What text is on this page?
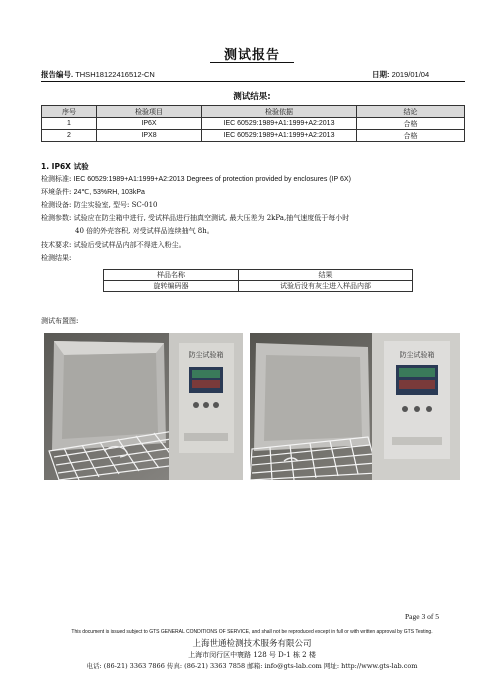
测试报告
报告编号. THSH18122416512-CN	日期: 2019/01/04
测试结果:
序号	检验项目	检验依据	结论
1	IP6X	IEC 60529:1989+A1:1999+A2:2013	合格
2	IPX8	IEC 60529:1989+A1:1999+A2:2013	合格
1. IP6X 试验
检测标准: IEC 60529:1989+A1:1999+A2:2013 Degrees of protection provided by enclosures (IP 6X)
环境条件: 24℃, 53%RH, 103kPa
检测设备: 防尘实验室, 型号: SC-010
检测参数: 试验应在防尘箱中进行, 受试样品进行抽真空测试, 最大压差为 2kPa,抽气速度低于每小时
40 倍的外壳容积, 对受试样品连续抽气 8h。
技术要求: 试验后受试样品内部不得进入粉尘。
检测结果:
样品名称	结果
旋转编码器	试验后没有灰尘进入样品内部
测试布置图:
防尘试验箱	防尘试验箱
Page 3 of 5
This document is issued subject to GTS GENERAL CONDITIONS OF SERVICE, and shall not be reproduced except in full or with written approval by GTS Testing.
上海世通检测技术服务有限公司
上海市闵行区中寰路 128 号 D-1 栋 2 楼
电话: (86-21) 3363 7866 传真: (86-21) 3363 7858 邮箱: info@gts-lab.com 网址: http://www.gts-lab.com
